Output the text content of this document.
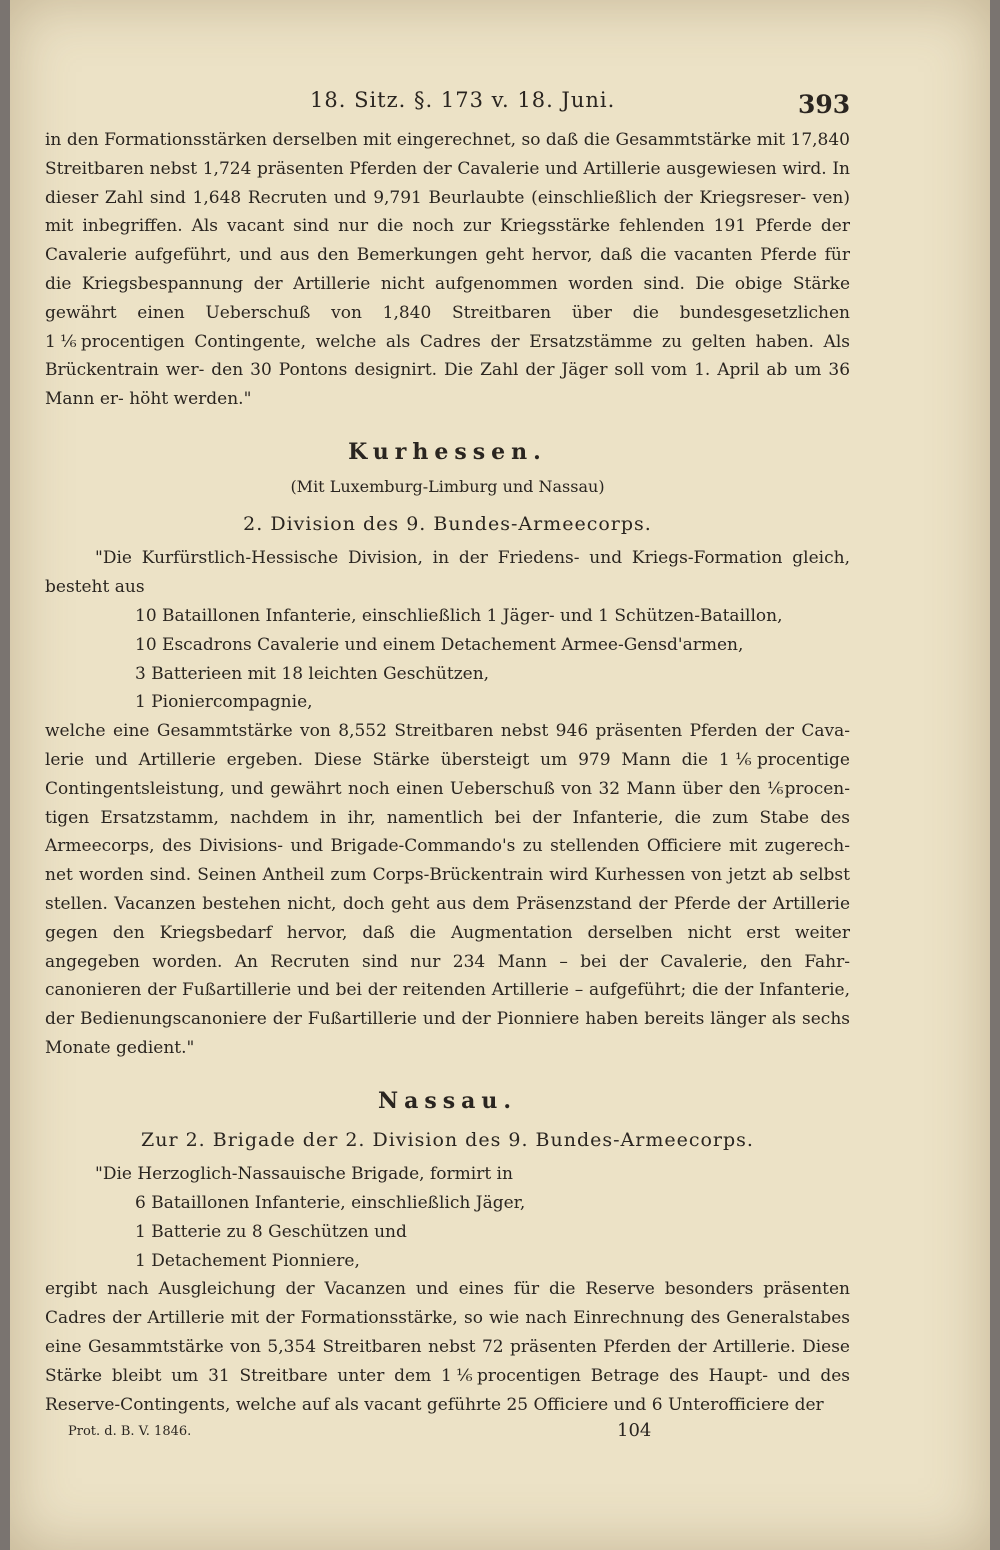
18. Sitz. §. 173 v. 18. Juni.	393

in den Formationsstärken derselben mit eingerechnet, so daß die Gesammtstärke mit 17,840 Streitbaren nebst 1,724 präsenten Pferden der Cavalerie und Artillerie ausgewiesen wird. In dieser Zahl sind 1,648 Recruten und 9,791 Beurlaubte (einschließlich der Kriegsreser- ven) mit inbegriffen. Als vacant sind nur die noch zur Kriegsstärke fehlenden 191 Pferde der Cavalerie aufgeführt, und aus den Bemerkungen geht hervor, daß die vacanten Pferde für die Kriegsbespannung der Artillerie nicht aufgenommen worden sind. Die obige Stärke gewährt einen Ueberschuß von 1,840 Streitbaren über die bundesgesetzlichen 1⅙procentigen Contingente, welche als Cadres der Ersatzstämme zu gelten haben. Als Brückentrain wer- den 30 Pontons designirt. Die Zahl der Jäger soll vom 1. April ab um 36 Mann er- höht werden."

Kurhessen.
(Mit Luxemburg-Limburg und Nassau)
2. Division des 9. Bundes-Armeecorps.

"Die Kurfürstlich-Hessische Division, in der Friedens- und Kriegs-Formation gleich, besteht aus

10 Bataillonen Infanterie, einschließlich 1 Jäger- und 1 Schützen-Bataillon,
10 Escadrons Cavalerie und einem Detachement Armee-Gensd'armen,
3 Batterieen mit 18 leichten Geschützen,
1 Pioniercompagnie,

welche eine Gesammtstärke von 8,552 Streitbaren nebst 946 präsenten Pferden der Cava- lerie und Artillerie ergeben. Diese Stärke übersteigt um 979 Mann die 1⅙procentige Contingentsleistung, und gewährt noch einen Ueberschuß von 32 Mann über den ⅙procen- tigen Ersatzstamm, nachdem in ihr, namentlich bei der Infanterie, die zum Stabe des Armeecorps, des Divisions- und Brigade-Commando's zu stellenden Officiere mit zugerech- net worden sind. Seinen Antheil zum Corps-Brückentrain wird Kurhessen von jetzt ab selbst stellen. Vacanzen bestehen nicht, doch geht aus dem Präsenzstand der Pferde der Artillerie gegen den Kriegsbedarf hervor, daß die Augmentation derselben nicht erst weiter angegeben worden. An Recruten sind nur 234 Mann – bei der Cavalerie, den Fahr- canonieren der Fußartillerie und bei der reitenden Artillerie – aufgeführt; die der Infanterie, der Bedienungscanoniere der Fußartillerie und der Pionniere haben bereits länger als sechs Monate gedient."

Nassau.
Zur 2. Brigade der 2. Division des 9. Bundes-Armeecorps.

"Die Herzoglich-Nassauische Brigade, formirt in

6 Bataillonen Infanterie, einschließlich Jäger,
1 Batterie zu 8 Geschützen und
1 Detachement Pionniere,

ergibt nach Ausgleichung der Vacanzen und eines für die Reserve besonders präsenten Cadres der Artillerie mit der Formationsstärke, so wie nach Einrechnung des Generalstabes eine Gesammtstärke von 5,354 Streitbaren nebst 72 präsenten Pferden der Artillerie. Diese Stärke bleibt um 31 Streitbare unter dem 1⅙procentigen Betrage des Haupt- und des Reserve-Contingents, welche auf als vacant geführte 25 Officiere und 6 Unterofficiere der

Prot. d. B. V. 1846.	104
